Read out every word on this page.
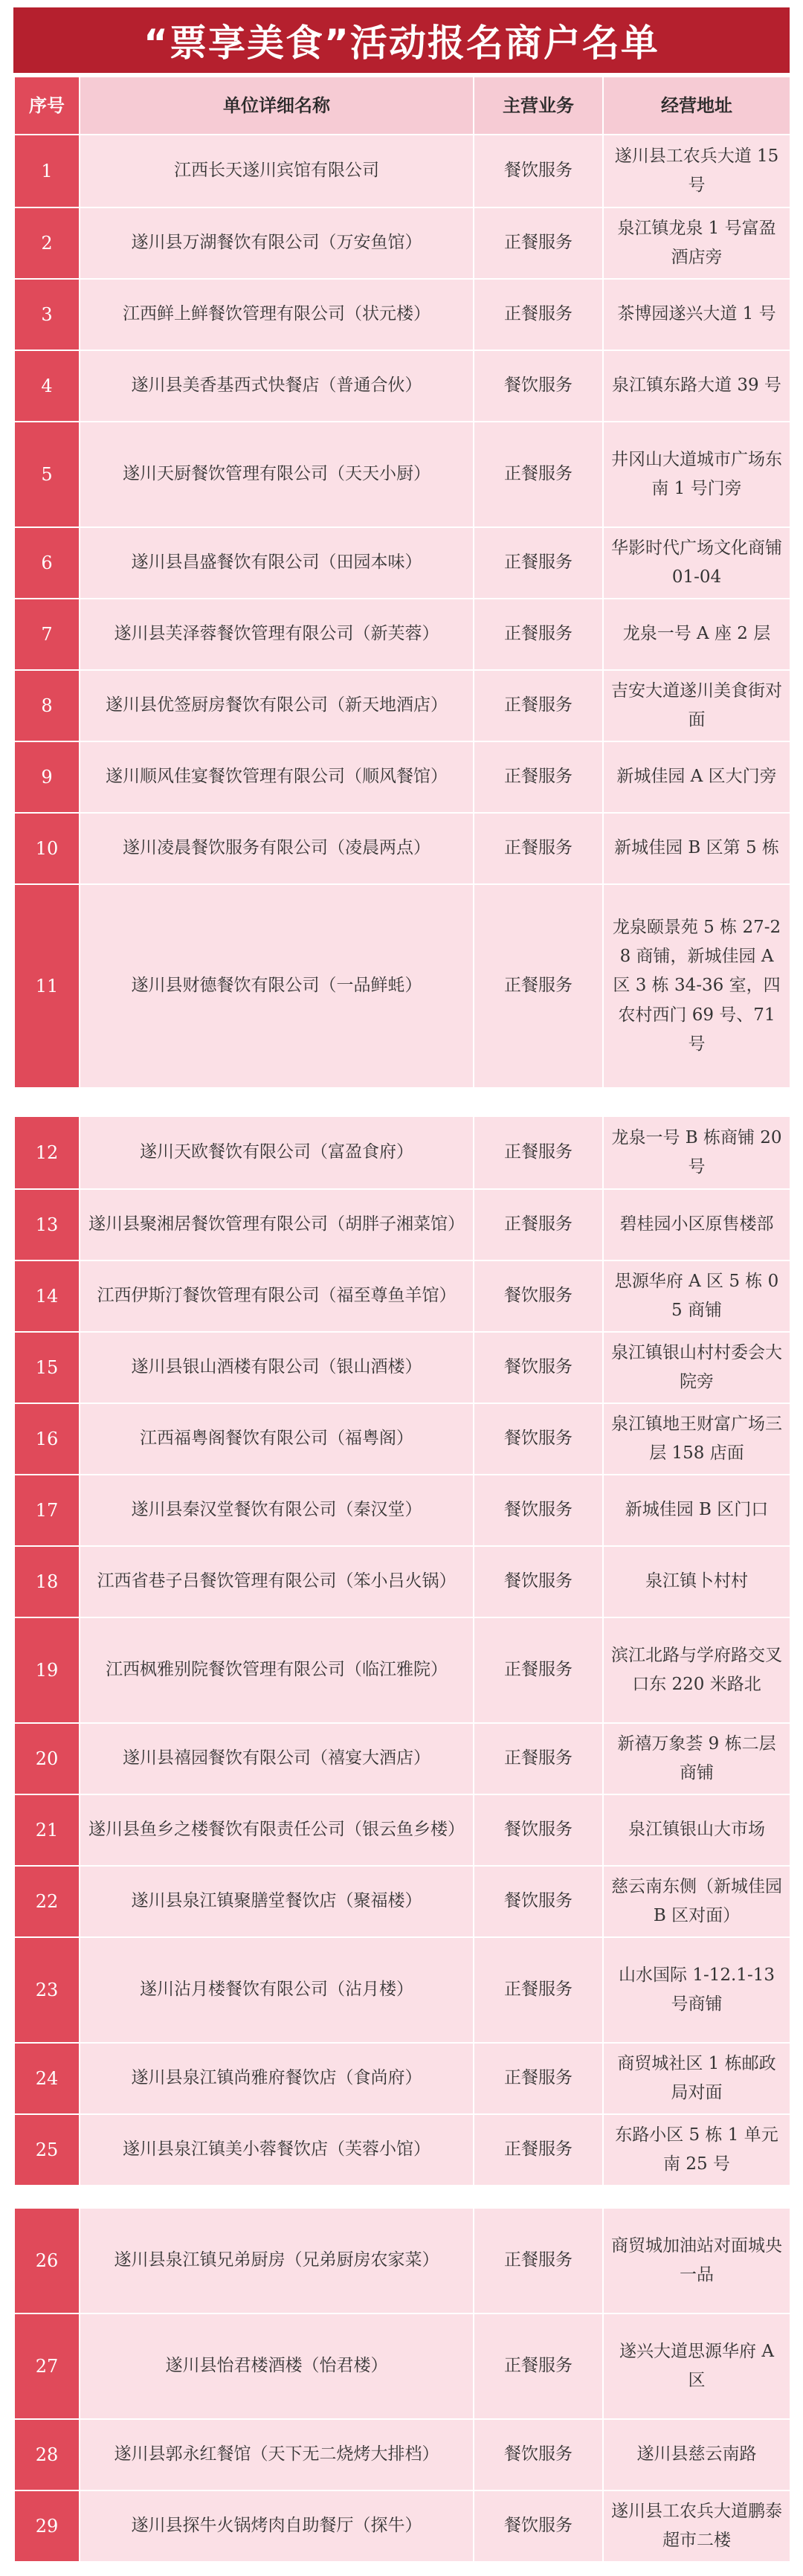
“票享美食”活动报名商户名单
序号	单位详细名称	主营业务	经营地址
1	江西长天遂川宾馆有限公司	餐饮服务	遂川县工农兵大道 15 号
2	遂川县万湖餐饮有限公司（万安鱼馆）	正餐服务	泉江镇龙泉 1 号富盈酒店旁
3	江西鲜上鲜餐饮管理有限公司（状元楼）	正餐服务	茶博园遂兴大道 1 号
4	遂川县美香基西式快餐店（普通合伙）	餐饮服务	泉江镇东路大道 39 号
5	遂川天厨餐饮管理有限公司（天天小厨）	正餐服务	井冈山大道城市广场东南 1 号门旁
6	遂川县昌盛餐饮有限公司（田园本味）	正餐服务	华影时代广场文化商铺 01-04
7	遂川县芙泽蓉餐饮管理有限公司（新芙蓉）	正餐服务	龙泉一号 A 座 2 层
8	遂川县优签厨房餐饮有限公司（新天地酒店）	正餐服务	吉安大道遂川美食街对面
9	遂川顺风佳宴餐饮管理有限公司（顺风餐馆）	正餐服务	新城佳园 A 区大门旁
10	遂川凌晨餐饮服务有限公司（凌晨两点）	正餐服务	新城佳园 B 区第 5 栋
11	遂川县财德餐饮有限公司（一品鲜蚝）	正餐服务	龙泉颐景苑 5 栋 27-28 商铺，新城佳园 A 区 3 栋 34-36 室，四农村西门 69 号、71 号
12	遂川天欧餐饮有限公司（富盈食府）	正餐服务	龙泉一号 B 栋商铺 20 号
13	遂川县聚湘居餐饮管理有限公司（胡胖子湘菜馆）	正餐服务	碧桂园小区原售楼部
14	江西伊斯汀餐饮管理有限公司（福至尊鱼羊馆）	餐饮服务	思源华府 A 区 5 栋 05 商铺
15	遂川县银山酒楼有限公司（银山酒楼）	餐饮服务	泉江镇银山村村委会大院旁
16	江西福粤阁餐饮有限公司（福粤阁）	餐饮服务	泉江镇地王财富广场三层 158 店面
17	遂川县秦汉堂餐饮有限公司（秦汉堂）	餐饮服务	新城佳园 B 区门口
18	江西省巷子吕餐饮管理有限公司（笨小吕火锅）	餐饮服务	泉江镇卜村村
19	江西枫雅别院餐饮管理有限公司（临江雅院）	正餐服务	滨江北路与学府路交叉口东 220 米路北
20	遂川县禧园餐饮有限公司（禧宴大酒店）	正餐服务	新禧万象荟 9 栋二层商铺
21	遂川县鱼乡之楼餐饮有限责任公司（银云鱼乡楼）	餐饮服务	泉江镇银山大市场
22	遂川县泉江镇聚膳堂餐饮店（聚福楼）	餐饮服务	慈云南东侧（新城佳园 B 区对面）
23	遂川沾月楼餐饮有限公司（沾月楼）	正餐服务	山水国际 1-12.1-13 号商铺
24	遂川县泉江镇尚雅府餐饮店（食尚府）	正餐服务	商贸城社区 1 栋邮政局对面
25	遂川县泉江镇美小蓉餐饮店（芙蓉小馆）	正餐服务	东路小区 5 栋 1 单元南 25 号
26	遂川县泉江镇兄弟厨房（兄弟厨房农家菜）	正餐服务	商贸城加油站对面城央一品
27	遂川县怡君楼酒楼（怡君楼）	正餐服务	遂兴大道思源华府 A 区
28	遂川县郭永红餐馆（天下无二烧烤大排档）	餐饮服务	遂川县慈云南路
29	遂川县探牛火锅烤肉自助餐厅（探牛）	餐饮服务	遂川县工农兵大道鹏泰超市二楼
